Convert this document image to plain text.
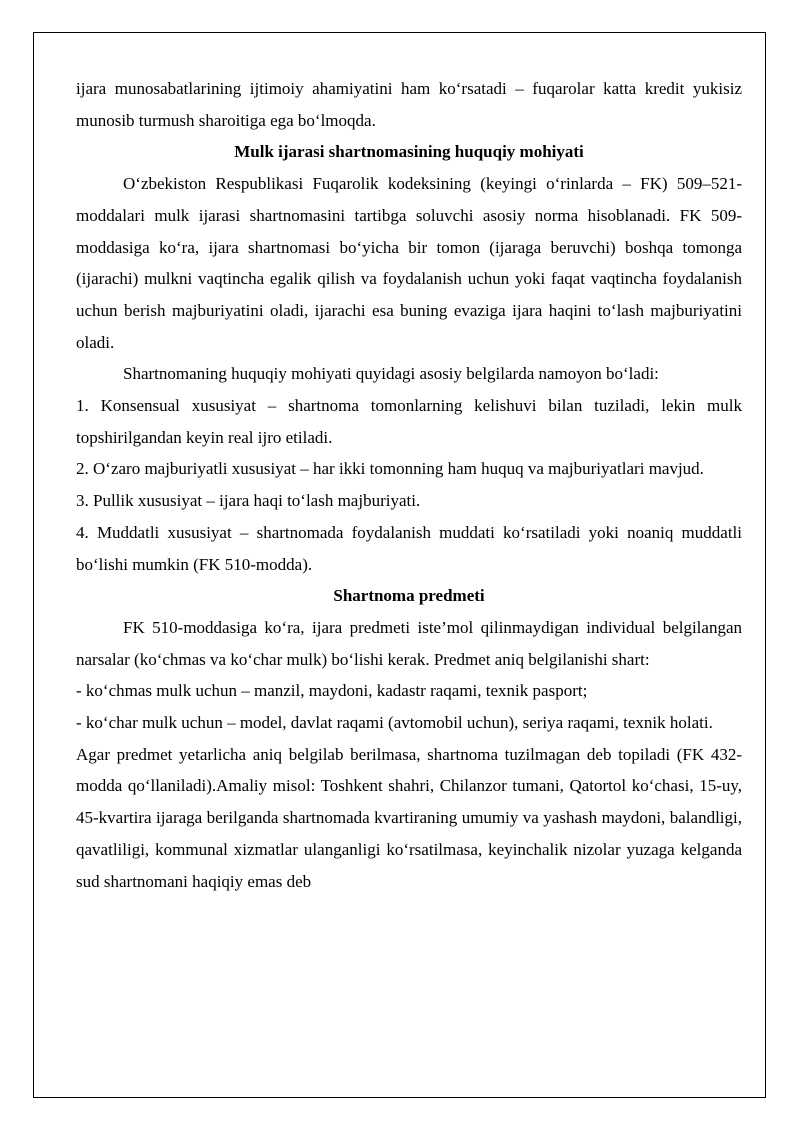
ijara munosabatlarining ijtimoiy ahamiyatini ham ko‘rsatadi – fuqarolar katta kredit yukisiz munosib turmush sharoitiga ega bo‘lmoqda.

Mulk ijarasi shartnomasining huquqiy mohiyati

O‘zbekiston Respublikasi Fuqarolik kodeksining (keyingi o‘rinlarda – FK) 509–521-moddalari mulk ijarasi shartnomasini tartibga soluvchi asosiy norma hisoblanadi. FK 509-moddasiga ko‘ra, ijara shartnomasi bo‘yicha bir tomon (ijaraga beruvchi) boshqa tomonga (ijarachi) mulkni vaqtincha egalik qilish va foydalanish uchun yoki faqat vaqtincha foydalanish uchun berish majburiyatini oladi, ijarachi esa buning evaziga ijara haqini to‘lash majburiyatini oladi.

Shartnomaning huquqiy mohiyati quyidagi asosiy belgilarda namoyon bo‘ladi:

1. Konsensual xususiyat – shartnoma tomonlarning kelishuvi bilan tuziladi, lekin mulk topshirilgandan keyin real ijro etiladi.

2. O‘zaro majburiyatli xususiyat – har ikki tomonning ham huquq va majburiyatlari mavjud.

3. Pullik xususiyat – ijara haqi to‘lash majburiyati.

4. Muddatli xususiyat – shartnomada foydalanish muddati ko‘rsatiladi yoki noaniq muddatli bo‘lishi mumkin (FK 510-modda).

Shartnoma predmeti

FK 510-moddasiga ko‘ra, ijara predmeti iste’mol qilinmaydigan individual belgilangan narsalar (ko‘chmas va ko‘char mulk) bo‘lishi kerak. Predmet aniq belgilanishi shart:

- ko‘chmas mulk uchun – manzil, maydoni, kadastr raqami, texnik pasport;

- ko‘char mulk uchun – model, davlat raqami (avtomobil uchun), seriya raqami, texnik holati.

Agar predmet yetarlicha aniq belgilab berilmasa, shartnoma tuzilmagan deb topiladi (FK 432-modda qo‘llaniladi).Amaliy misol: Toshkent shahri, Chilanzor tumani, Qatortol ko‘chasi, 15-uy, 45-kvartira ijaraga berilganda shartnomada kvartiraning umumiy va yashash maydoni, balandligi, qavatliligi, kommunal xizmatlar ulanganligi ko‘rsatilmasa, keyinchalik nizolar yuzaga kelganda sud shartnomani haqiqiy emas deb
